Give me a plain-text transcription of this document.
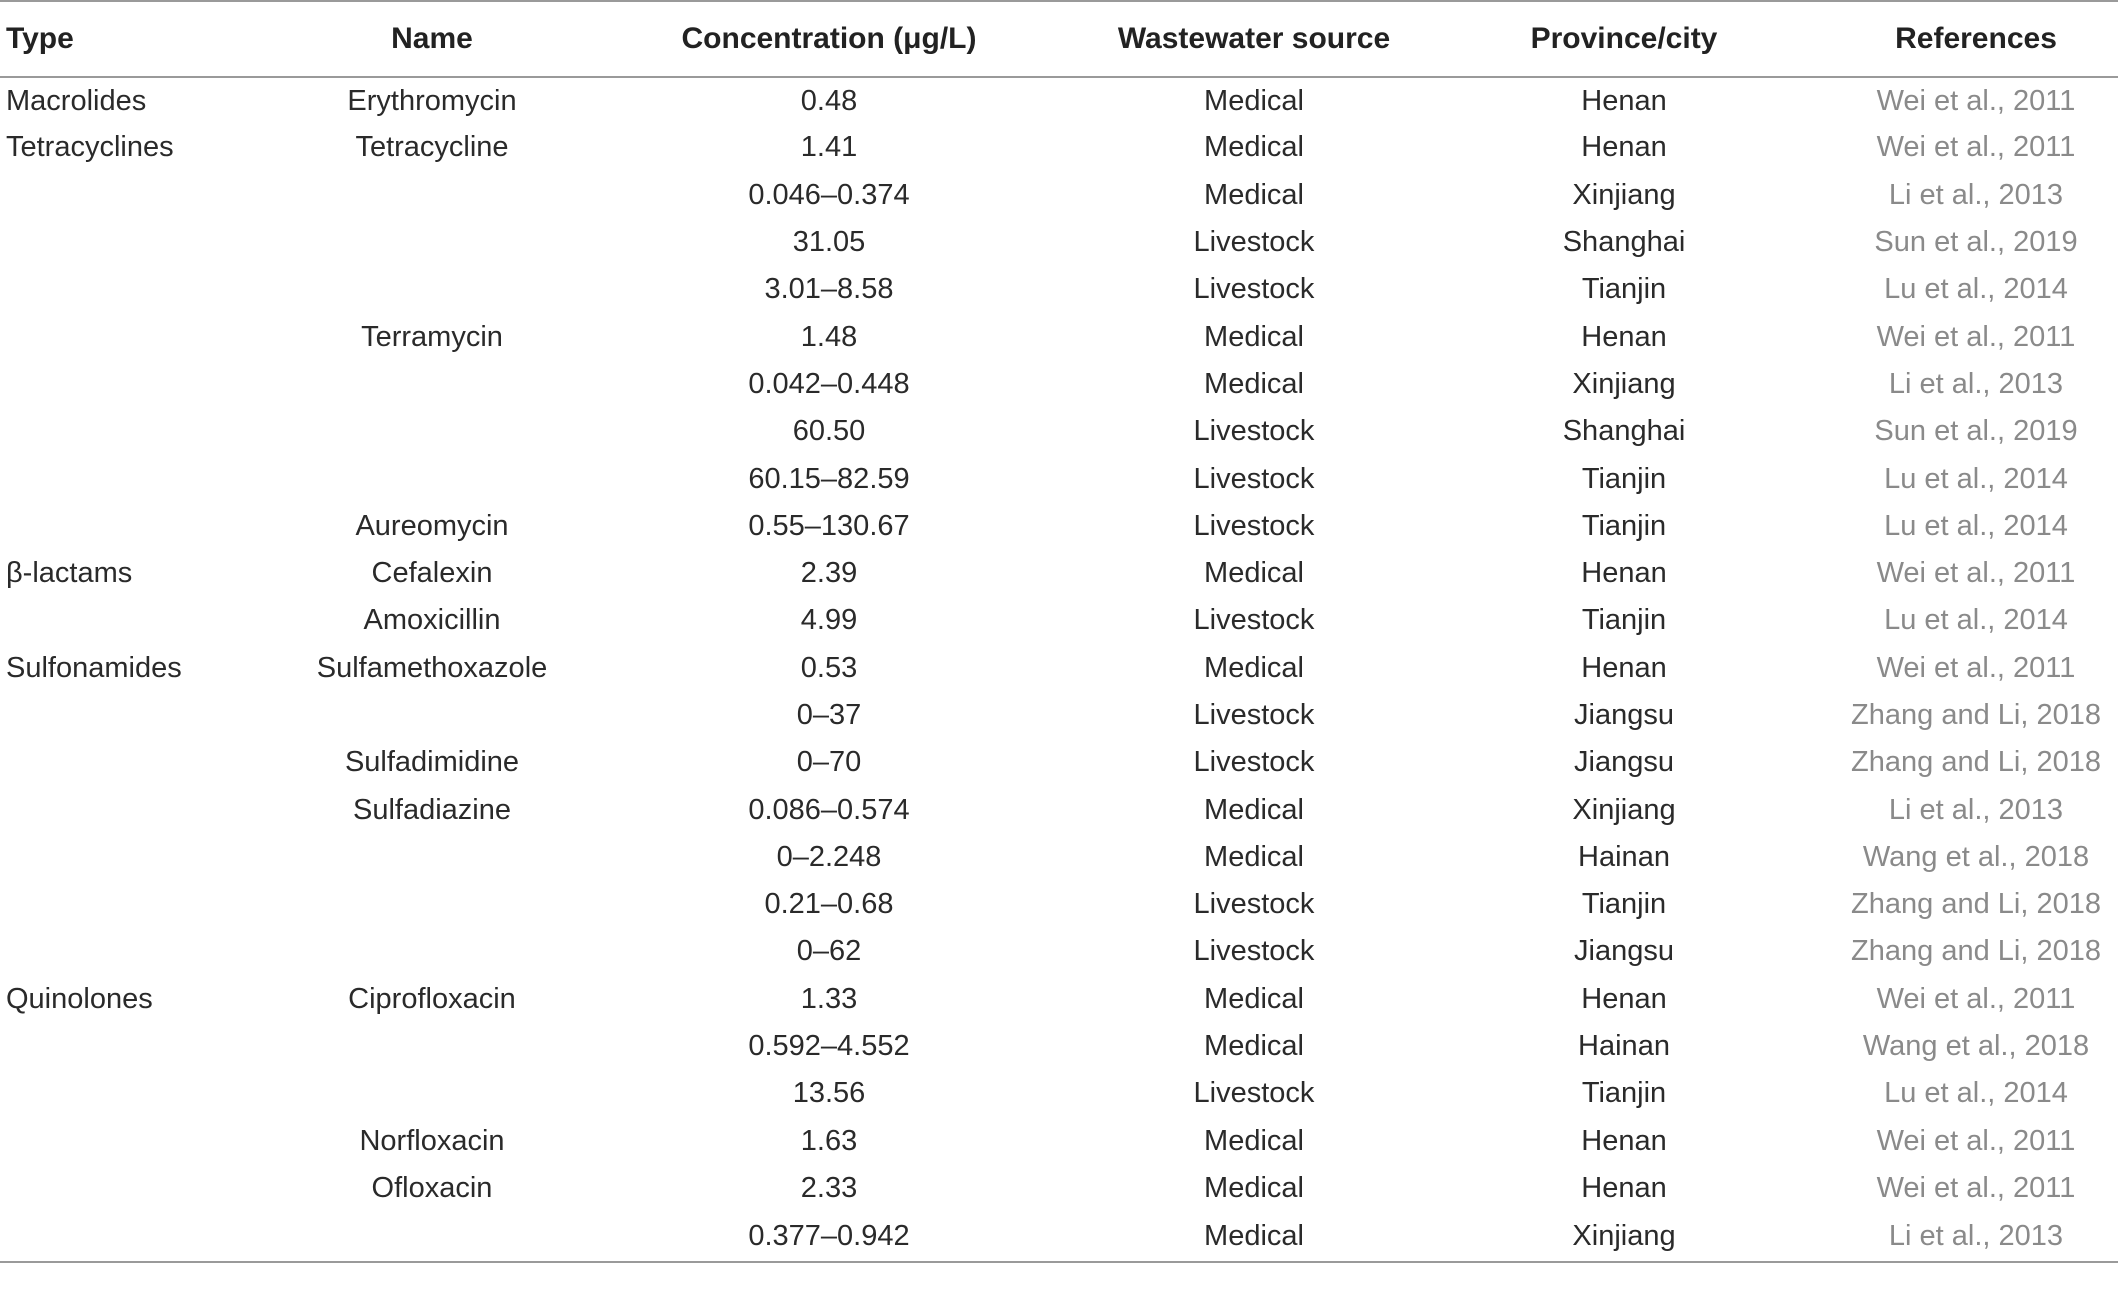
Type	Name	Concentration (μg/L)	Wastewater source	Province/city	References
Macrolides	Erythromycin	0.48	Medical	Henan	Wei et al., 2011
Tetracyclines	Tetracycline	1.41	Medical	Henan	Wei et al., 2011
		0.046–0.374	Medical	Xinjiang	Li et al., 2013
		31.05	Livestock	Shanghai	Sun et al., 2019
		3.01–8.58	Livestock	Tianjin	Lu et al., 2014
	Terramycin	1.48	Medical	Henan	Wei et al., 2011
		0.042–0.448	Medical	Xinjiang	Li et al., 2013
		60.50	Livestock	Shanghai	Sun et al., 2019
		60.15–82.59	Livestock	Tianjin	Lu et al., 2014
	Aureomycin	0.55–130.67	Livestock	Tianjin	Lu et al., 2014
β-lactams	Cefalexin	2.39	Medical	Henan	Wei et al., 2011
	Amoxicillin	4.99	Livestock	Tianjin	Lu et al., 2014
Sulfonamides	Sulfamethoxazole	0.53	Medical	Henan	Wei et al., 2011
		0–37	Livestock	Jiangsu	Zhang and Li, 2018
	Sulfadimidine	0–70	Livestock	Jiangsu	Zhang and Li, 2018
	Sulfadiazine	0.086–0.574	Medical	Xinjiang	Li et al., 2013
		0–2.248	Medical	Hainan	Wang et al., 2018
		0.21–0.68	Livestock	Tianjin	Zhang and Li, 2018
		0–62	Livestock	Jiangsu	Zhang and Li, 2018
Quinolones	Ciprofloxacin	1.33	Medical	Henan	Wei et al., 2011
		0.592–4.552	Medical	Hainan	Wang et al., 2018
		13.56	Livestock	Tianjin	Lu et al., 2014
	Norfloxacin	1.63	Medical	Henan	Wei et al., 2011
	Ofloxacin	2.33	Medical	Henan	Wei et al., 2011
		0.377–0.942	Medical	Xinjiang	Li et al., 2013
